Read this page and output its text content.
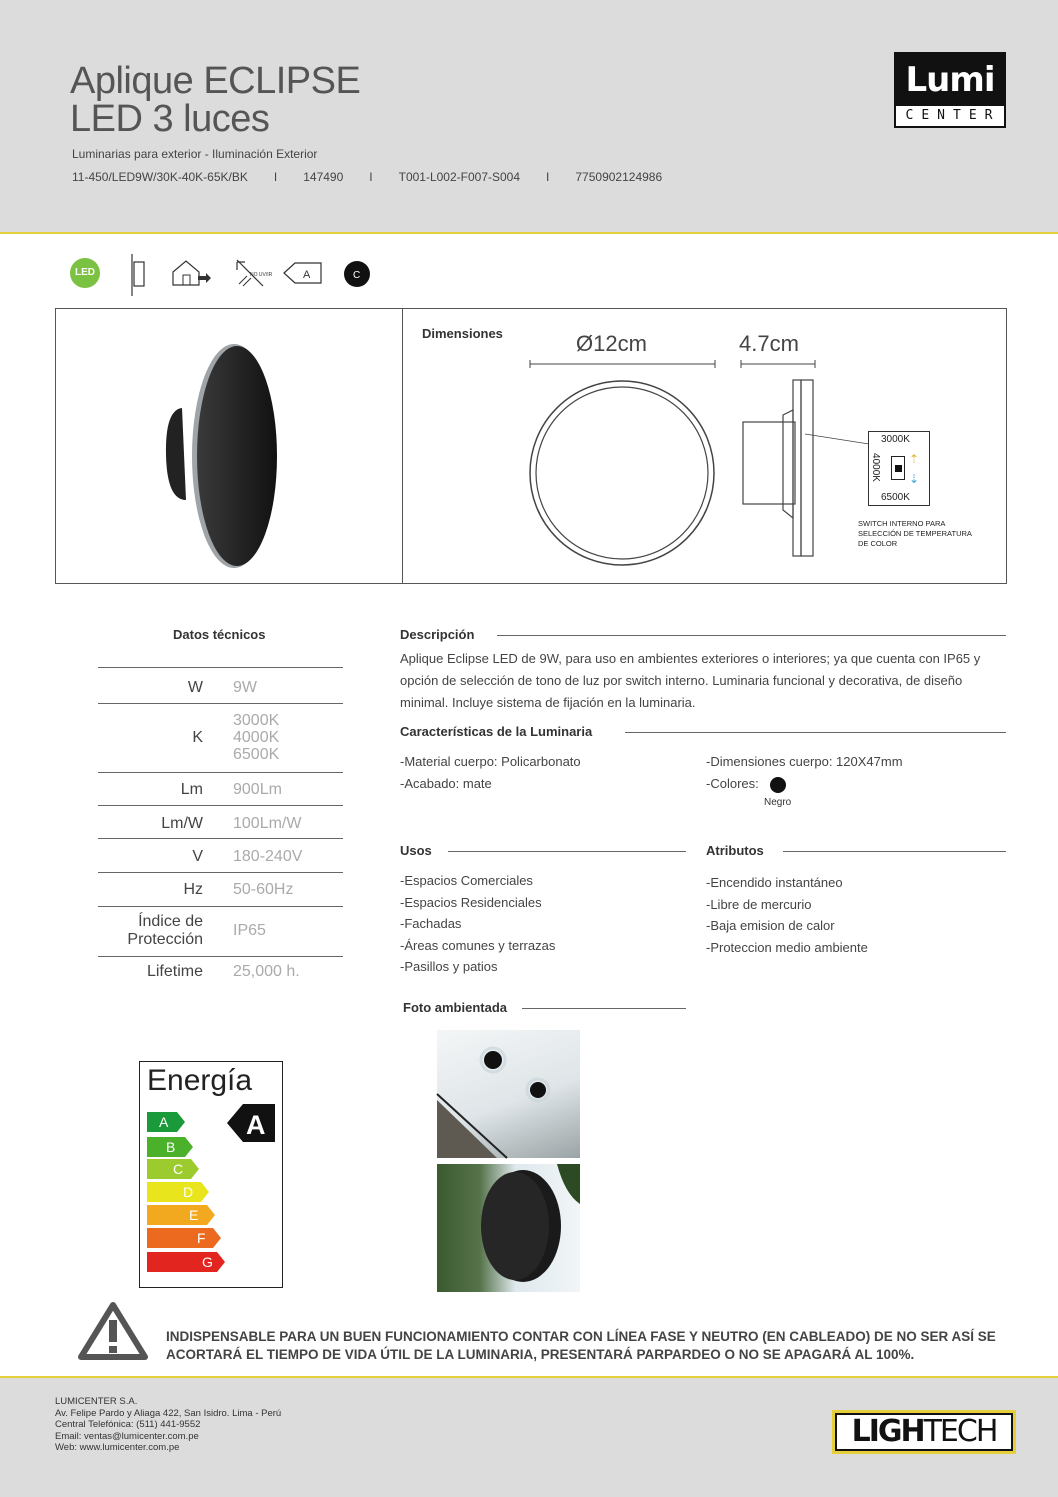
Aplique ECLIPSE
LED 3 luces
Luminarias para exterior - Iluminación Exterior
11-450/LED9W/30K-40K-65K/BK	I	147490	I	T001-L002-F007-S004	I	7750902124986
Lumi
CENTER
LED	NO UV/IR	A	C
Dimensiones	Ø12cm	4.7cm
3000K
4000K
6500K
⇡
⇣
SWITCH INTERNO PARA SELECCIÓN DE TEMPERATURA DE COLOR
Datos técnicos
W 9W
K
3000K
4000K
6500K
Lm 900Lm
Lm/W 100Lm/W
V 180-240V
Hz 50-60Hz
Índice de
Protección
IP65
Lifetime 25,000 h.
Descripción
Aplique Eclipse LED de 9W, para uso en ambientes exteriores o interiores; ya que cuenta con IP65 y opción de selección de tono de luz por switch interno. Luminaria funcional y decorativa, de diseño minimal. Incluye sistema de fijación en la luminaria.
Características de la Luminaria
-Material cuerpo: Policarbonato
-Acabado: mate
-Dimensiones cuerpo: 120X47mm
-Colores:
Negro
Usos
-Espacios Comerciales
-Espacios Residenciales
-Fachadas
-Áreas comunes y terrazas
-Pasillos y patios
Atributos
-Encendido instantáneo
-Libre de mercurio
-Baja emision de calor
-Proteccion medio ambiente
Foto ambientada
Energía
A
A
B
C
D
E
F
G
INDISPENSABLE PARA UN BUEN FUNCIONAMIENTO CONTAR CON LÍNEA FASE Y NEUTRO (EN CABLEADO) DE NO SER ASÍ SE
ACORTARÁ EL TIEMPO DE VIDA ÚTIL DE LA LUMINARIA, PRESENTARÁ PARPARDEO O NO SE APAGARÁ AL 100%.
LUMICENTER S.A.
Av. Felipe Pardo y Aliaga 422, San Isidro. Lima - Perú
Central Telefónica: (511) 441-9552
Email: ventas@lumicenter.com.pe
Web: www.lumicenter.com.pe	LIGHTECH
